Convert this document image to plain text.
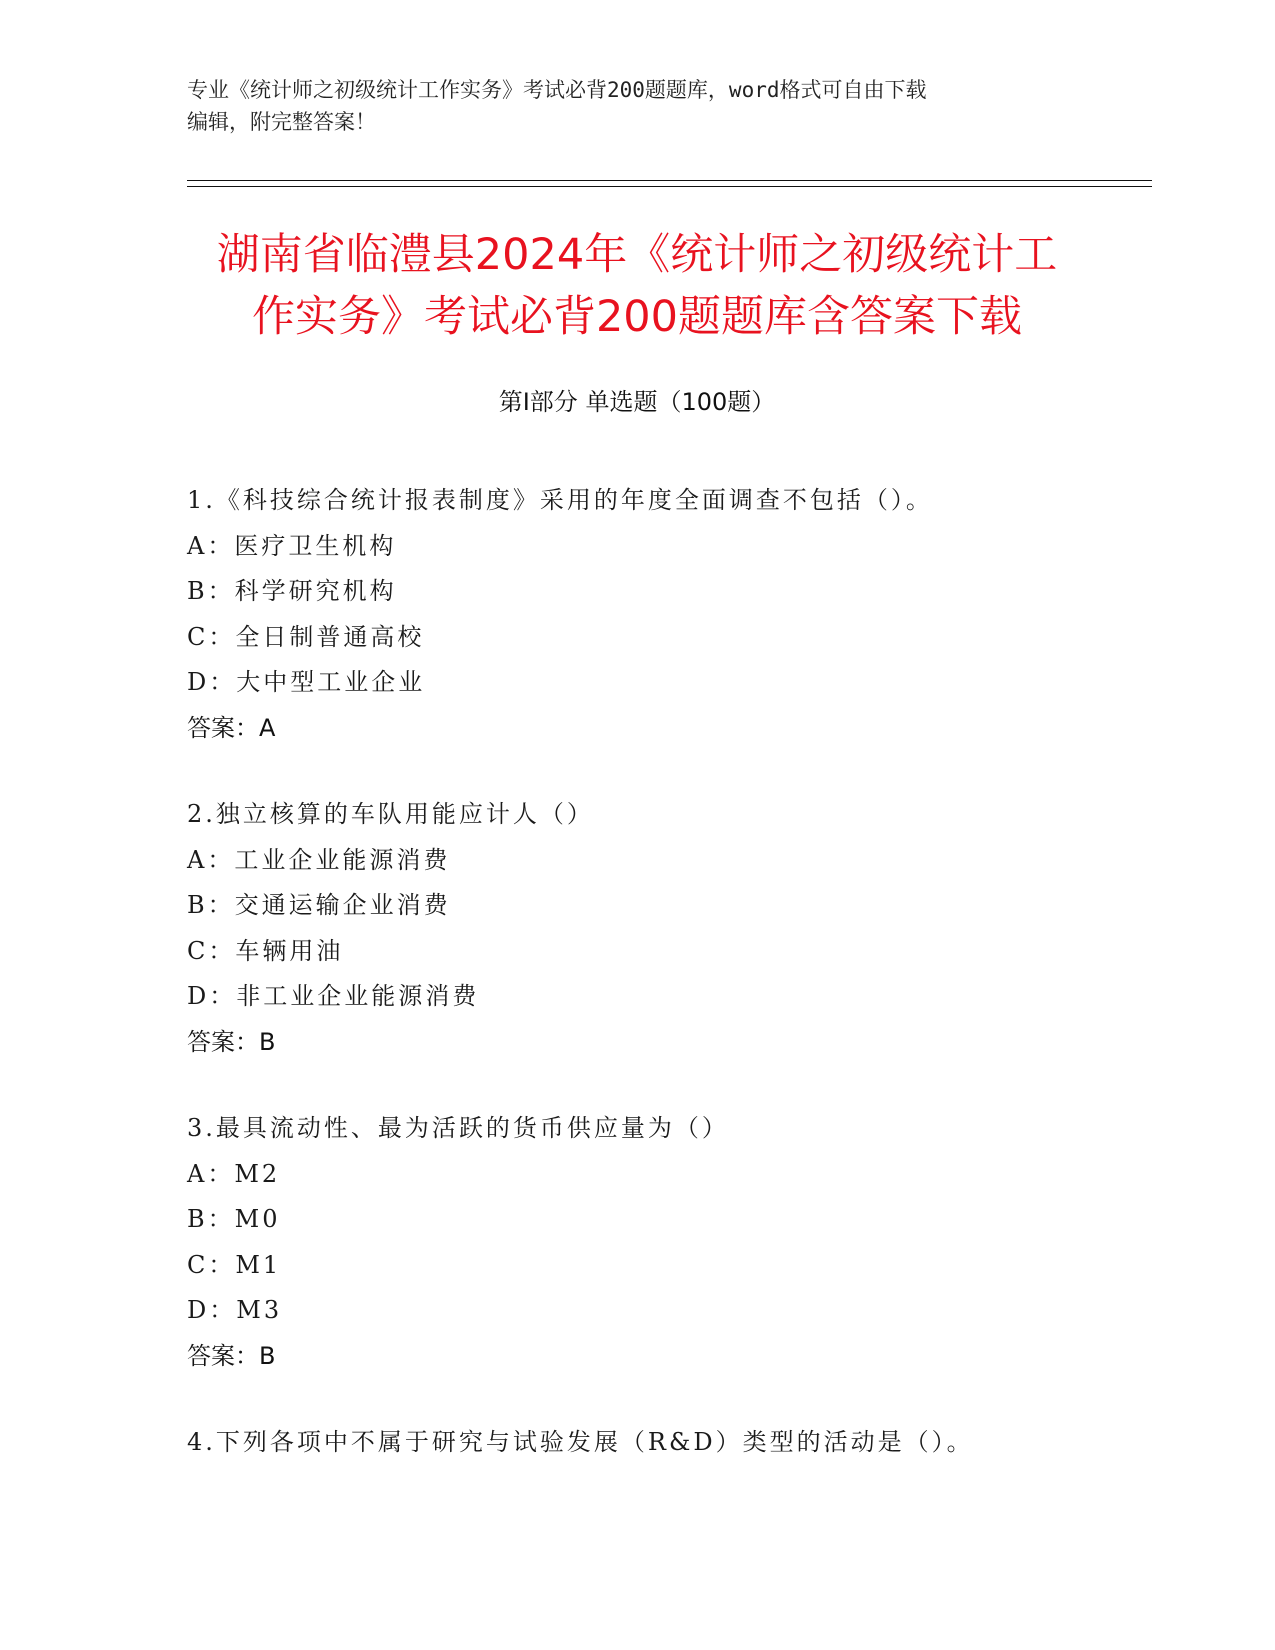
专业《统计师之初级统计工作实务》考试必背200题题库，word格式可自由下载
编辑，附完整答案！
湖南省临澧县2024年《统计师之初级统计工
作实务》考试必背200题题库含答案下载
第Ⅰ部分 单选题（100题）
1.《科技综合统计报表制度》采用的年度全面调查不包括（）。
A：医疗卫生机构
B：科学研究机构
C：全日制普通高校
D：大中型工业企业
答案：A
2.独立核算的车队用能应计人（）
A：工业企业能源消费
B：交通运输企业消费
C：车辆用油
D：非工业企业能源消费
答案：B
3.最具流动性、最为活跃的货币供应量为（）
A：M2
B：M0
C：M1
D：M3
答案：B
4.下列各项中不属于研究与试验发展（R&D）类型的活动是（）。
